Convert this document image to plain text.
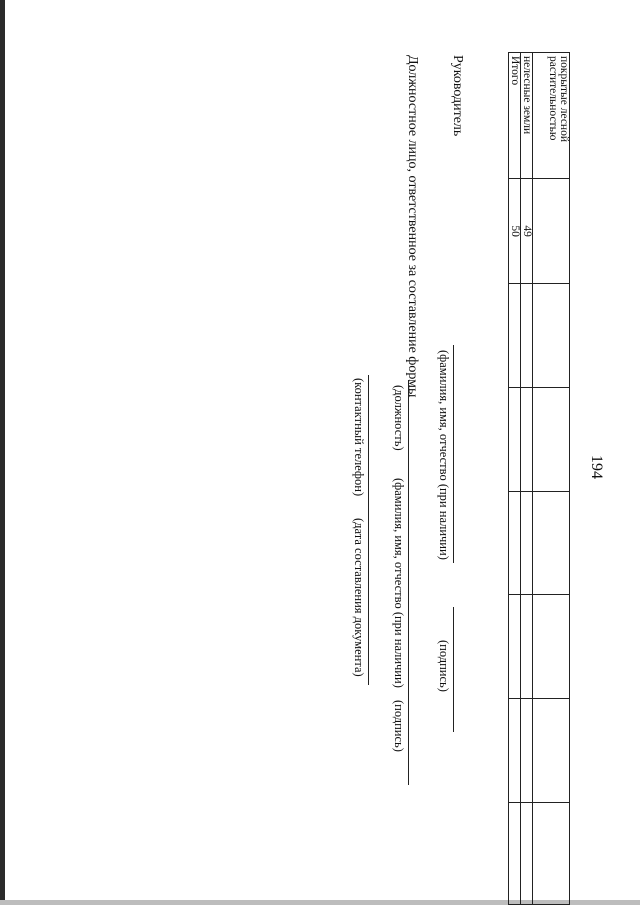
194
покрытые лесной растительностью							
нелесные земли	49						
Итого	50						
Руководитель
(фамилия, имя, отчество (при наличии)
(подпись)
Должностное лицо, ответственное за составление формы
(должность)
(фамилия, имя, отчество (при наличии)
(подпись)
(контактный телефон)
(дата составления документа)
